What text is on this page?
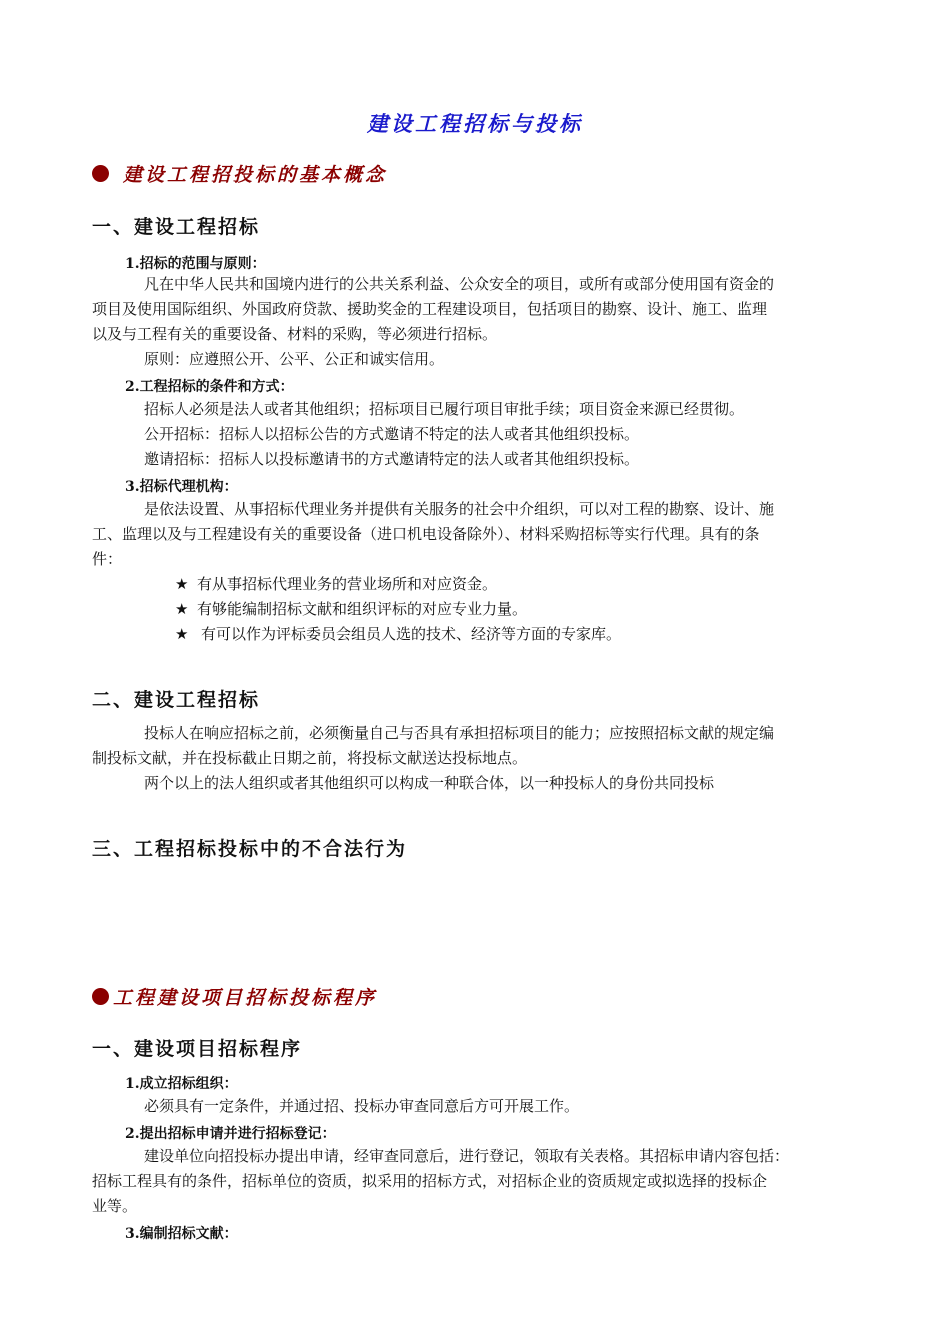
建设工程招标与投标
建设工程招投标的基本概念
一、建设工程招标
1.招标的范围与原则：
凡在中华人民共和国境内进行的公共关系利益、公众安全的项目，或所有或部分使用国有资金的
项目及使用国际组织、外国政府贷款、援助奖金的工程建设项目，包括项目的勘察、设计、施工、监理
以及与工程有关的重要设备、材料的采购，等必须进行招标。
原则：应遵照公开、公平、公正和诚实信用。
2.工程招标的条件和方式：
招标人必须是法人或者其他组织；招标项目已履行项目审批手续；项目资金来源已经贯彻。
公开招标：招标人以招标公告的方式邀请不特定的法人或者其他组织投标。
邀请招标：招标人以投标邀请书的方式邀请特定的法人或者其他组织投标。
3.招标代理机构：
是依法设置、从事招标代理业务并提供有关服务的社会中介组织，可以对工程的勘察、设计、施
工、监理以及与工程建设有关的重要设备（进口机电设备除外）、材料采购招标等实行代理。具有的条
件：
★ 有从事招标代理业务的营业场所和对应资金。
★ 有够能编制招标文献和组织评标的对应专业力量。
★ 有可以作为评标委员会组员人选的技术、经济等方面的专家库。
二、建设工程招标
投标人在响应招标之前，必须衡量自己与否具有承担招标项目的能力；应按照招标文献的规定编
制投标文献，并在投标截止日期之前，将投标文献送达投标地点。
两个以上的法人组织或者其他组织可以构成一种联合体，以一种投标人的身份共同投标
三、工程招标投标中的不合法行为
工程建设项目招标投标程序
一、建设项目招标程序
1.成立招标组织：
必须具有一定条件，并通过招、投标办审查同意后方可开展工作。
2.提出招标申请并进行招标登记：
建设单位向招投标办提出申请，经审查同意后，进行登记，领取有关表格。其招标申请内容包括：
招标工程具有的条件，招标单位的资质，拟采用的招标方式，对招标企业的资质规定或拟选择的投标企
业等。
3.编制招标文献：
